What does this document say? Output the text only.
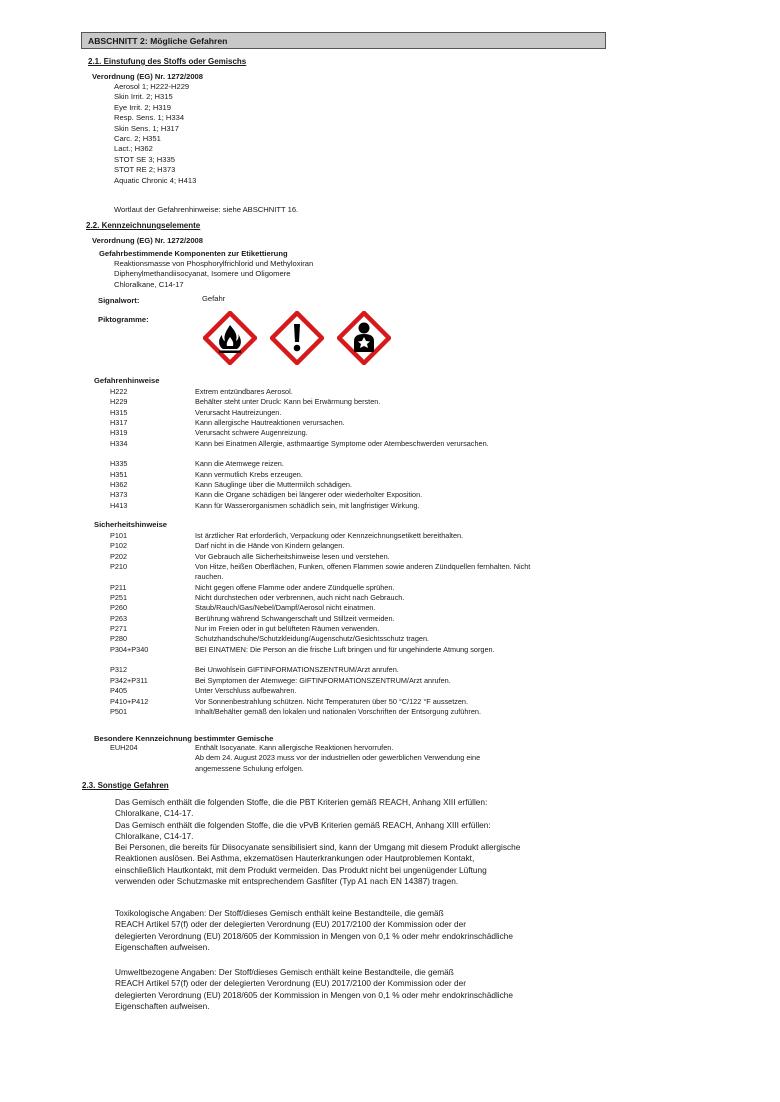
ABSCHNITT 2: Mögliche Gefahren
2.1. Einstufung des Stoffs oder Gemischs
Verordnung (EG) Nr. 1272/2008
Aerosol 1; H222-H229
Skin Irrit. 2; H315
Eye Irrit. 2; H319
Resp. Sens. 1; H334
Skin Sens. 1; H317
Carc. 2; H351
Lact.; H362
STOT SE 3; H335
STOT RE 2; H373
Aquatic Chronic 4; H413
Wortlaut der Gefahrenhinweise: siehe ABSCHNITT 16.
2.2. Kennzeichnungselemente
Verordnung (EG) Nr. 1272/2008
Gefahrbestimmende Komponenten zur Etikettierung
Reaktionsmasse von Phosphorylfrichlorid und Methyloxiran
Diphenylmethandiisocyanat, Isomere und Oligomere
Chloralkane, C14-17
Signalwort:	Gefahr
Piktogramme:
Gefahrenhinweise
H222	Extrem entzündbares Aerosol.
H229	Behälter steht unter Druck: Kann bei Erwärmung bersten.
H315	Verursacht Hautreizungen.
H317	Kann allergische Hautreaktionen verursachen.
H319	Verursacht schwere Augenreizung.
H334	Kann bei Einatmen Allergie, asthmaartige Symptome oder Atembeschwerden verursachen.
H335	Kann die Atemwege reizen.
H351	Kann vermutlich Krebs erzeugen.
H362	Kann Säuglinge über die Muttermilch schädigen.
H373	Kann die Organe schädigen bei längerer oder wiederholter Exposition.
H413	Kann für Wasserorganismen schädlich sein, mit langfristiger Wirkung.
Sicherheitshinweise
P101	Ist ärztlicher Rat erforderlich, Verpackung oder Kennzeichnungsetikett bereithalten.
P102	Darf nicht in die Hände von Kindern gelangen.
P202	Vor Gebrauch alle Sicherheitshinweise lesen und verstehen.
P210	Von Hitze, heißen Oberflächen, Funken, offenen Flammen sowie anderen Zündquellen fernhalten. Nicht rauchen.
P211	Nicht gegen offene Flamme oder andere Zündquelle sprühen.
P251	Nicht durchstechen oder verbrennen, auch nicht nach Gebrauch.
P260	Staub/Rauch/Gas/Nebel/Dampf/Aerosol nicht einatmen.
P263	Berührung während Schwangerschaft und Stillzeit vermeiden.
P271	Nur im Freien oder in gut belüfteten Räumen verwenden.
P280	Schutzhandschuhe/Schutzkleidung/Augenschutz/Gesichtsschutz tragen.
P304+P340	BEI EINATMEN: Die Person an die frische Luft bringen und für ungehinderte Atmung sorgen.
P312	Bei Unwohlsein GIFTINFORMATIONSZENTRUM/Arzt anrufen.
P342+P311	Bei Symptomen der Atemwege: GIFTINFORMATIONSZENTRUM/Arzt anrufen.
P405	Unter Verschluss aufbewahren.
P410+P412	Vor Sonnenbestrahlung schützen. Nicht Temperaturen über 50 °C/122 °F aussetzen.
P501	Inhalt/Behälter gemäß den lokalen und nationalen Vorschriften der Entsorgung zuführen.
Besondere Kennzeichnung bestimmter Gemische
EUH204	Enthält Isocyanate. Kann allergische Reaktionen hervorrufen.
Ab dem 24. August 2023 muss vor der industriellen oder gewerblichen Verwendung eine
angemessene Schulung erfolgen.
2.3. Sonstige Gefahren
Das Gemisch enthält die folgenden Stoffe, die die PBT Kriterien gemäß REACH, Anhang XIII erfüllen:
Chloralkane, C14-17.
Das Gemisch enthält die folgenden Stoffe, die die vPvB Kriterien gemäß REACH, Anhang XIII erfüllen:
Chloralkane, C14-17.
Bei Personen, die bereits für Diisocyanate sensibilisiert sind, kann der Umgang mit diesem Produkt allergische
Reaktionen auslösen. Bei Asthma, ekzematösen Hauterkrankungen oder Hautproblemen Kontakt,
einschließlich Hautkontakt, mit dem Produkt vermeiden. Das Produkt nicht bei ungenügender Lüftung
verwenden oder Schutzmaske mit entsprechendem Gasfilter (Typ A1 nach EN 14387) tragen.
Toxikologische Angaben: Der Stoff/dieses Gemisch enthält keine Bestandteile, die gemäß
REACH Artikel 57(f) oder der delegierten Verordnung (EU) 2017/2100 der Kommission oder der
delegierten Verordnung (EU) 2018/605 der Kommission in Mengen von 0,1 % oder mehr endokrinschädliche
Eigenschaften aufweisen.
Umweltbezogene Angaben: Der Stoff/dieses Gemisch enthält keine Bestandteile, die gemäß
REACH Artikel 57(f) oder der delegierten Verordnung (EU) 2017/2100 der Kommission oder der
delegierten Verordnung (EU) 2018/605 der Kommission in Mengen von 0,1 % oder mehr endokrinschädliche
Eigenschaften aufweisen.
